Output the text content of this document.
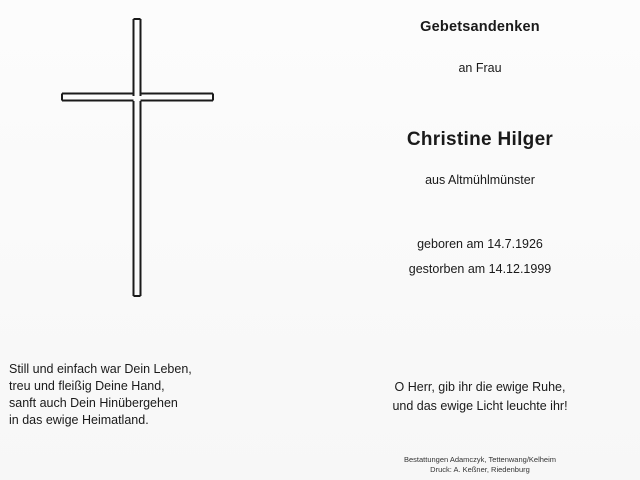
Still und einfach war Dein Leben,
treu und fleißig Deine Hand,
sanft auch Dein Hinübergehen
in das ewige Heimatland.
Gebetsandenken
an Frau
Christine Hilger
aus Altmühlmünster
geboren am 14.7.1926
gestorben am 14.12.1999
O Herr, gib ihr die ewige Ruhe,
und das ewige Licht leuchte ihr!
Bestattungen Adamczyk, Tettenwang/Kelheim
Druck: A. Keßner, Riedenburg
